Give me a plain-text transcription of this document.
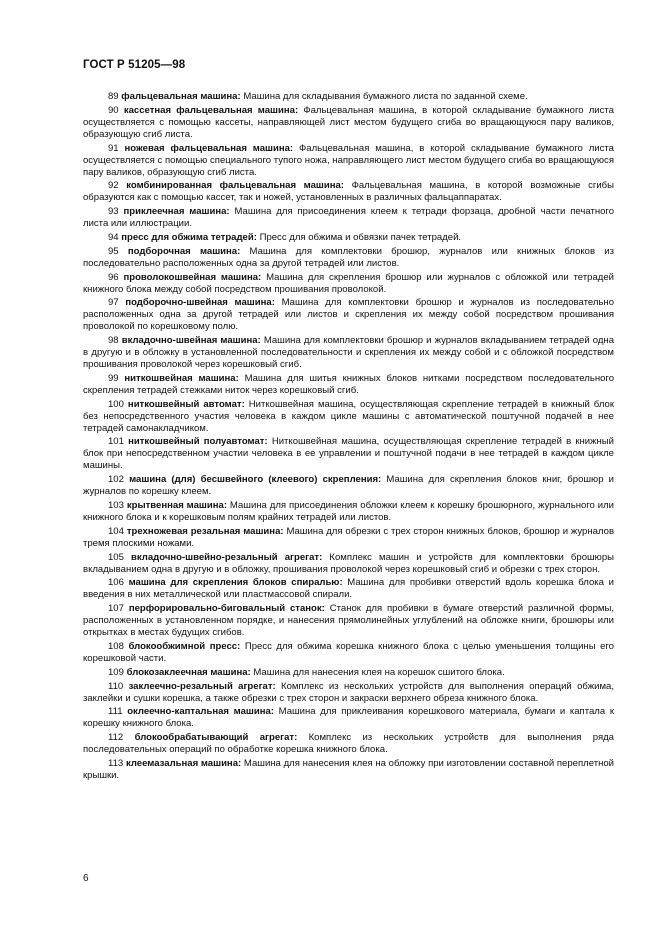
ГОСТ Р 51205—98

89 фальцевальная машина: Машина для складывания бумажного листа по заданной схеме.

90 кассетная фальцевальная машина: Фальцевальная машина, в которой складывание бумажного листа осуществляется с помощью кассеты, направляющей лист местом будущего сгиба во вращающуюся пару валиков, образующую сгиб листа.

91 ножевая фальцевальная машина: Фальцевальная машина, в которой складывание бумажного листа осуществляется с помощью специального тупого ножа, направляющего лист местом будущего сгиба во вращающуюся пару валиков, образующую сгиб листа.

92 комбинированная фальцевальная машина: Фальцевальная машина, в которой возможные сгибы образуются как с помощью кассет, так и ножей, установленных в различных фальцаппаратах.

93 приклеечная машина: Машина для присоединения клеем к тетради форзаца, дробной части печатного листа или иллюстрации.

94 пресс для обжима тетрадей: Пресс для обжима и обвязки пачек тетрадей.

95 подборочная машина: Машина для комплектовки брошюр, журналов или книжных блоков из последовательно расположенных одна за другой тетрадей или листов.

96 проволокошвейная машина: Машина для скрепления брошюр или журналов с обложкой или тетрадей книжного блока между собой посредством прошивания проволокой.

97 подборочно-швейная машина: Машина для комплектовки брошюр и журналов из последовательно расположенных одна за другой тетрадей или листов и скрепления их между собой посредством прошивания проволокой по корешковому полю.

98 вкладочно-швейная машина: Машина для комплектовки брошюр и журналов вкладыванием тетрадей одна в другую и в обложку в установленной последовательности и скрепления их между собой и с обложкой посредством прошивания проволокой через корешковый сгиб.

99 ниткошвейная машина: Машина для шитья книжных блоков нитками посредством последовательного скрепления тетрадей стежками ниток через корешковый сгиб.

100 ниткошвейный автомат: Ниткошвейная машина, осуществляющая скрепление тетрадей в книжный блок без непосредственного участия человека в каждом цикле машины с автоматической поштучной подачей в нее тетрадей самонакладчиком.

101 ниткошвейный полуавтомат: Ниткошвейная машина, осуществляющая скрепление тетрадей в книжный блок при непосредственном участии человека в ее управлении и поштучной подачи в нее тетрадей в каждом цикле машины.

102 машина (для) бесшвейного (клеевого) скрепления: Машина для скрепления блоков книг, брошюр и журналов по корешку клеем.

103 крытвенная машина: Машина для присоединения обложки клеем к корешку брошюрного, журнального или книжного блока и к корешковым полям крайних тетрадей или листов.

104 трехножевая резальная машина: Машина для обрезки с трех сторон книжных блоков, брошюр и журналов тремя плоскими ножами.

105 вкладочно-швейно-резальный агрегат: Комплекс машин и устройств для комплектовки брошюры вкладыванием одна в другую и в обложку, прошивания проволокой через корешковый сгиб и обрезки с трех сторон.

106 машина для скрепления блоков спиралью: Машина для пробивки отверстий вдоль корешка блока и введения в них металлической или пластмассовой спирали.

107 перфорировально-биговальный станок: Станок для пробивки в бумаге отверстий различной формы, расположенных в установленном порядке, и нанесения прямолинейных углублений на обложке книги, брошюры или открытках в местах будущих сгибов.

108 блокообжимной пресс: Пресс для обжима корешка книжного блока с целью уменьшения толщины его корешковой части.

109 блокозаклеечная машина: Машина для нанесения клея на корешок сшитого блока.

110 заклеечно-резальный агрегат: Комплекс из нескольких устройств для выполнения операций обжима, заклейки и сушки корешка, а также обрезки с трех сторон и закраски верхнего обреза книжного блока.

111 оклеечно-каптальная машина: Машина для приклеивания корешкового материала, бумаги и каптала к корешку книжного блока.

112 блокообрабатывающий агрегат: Комплекс из нескольких устройств для выполнения ряда последовательных операций по обработке корешка книжного блока.

113 клеемазальная машина: Машина для нанесения клея на обложку при изготовлении составной переплетной крышки.

6
